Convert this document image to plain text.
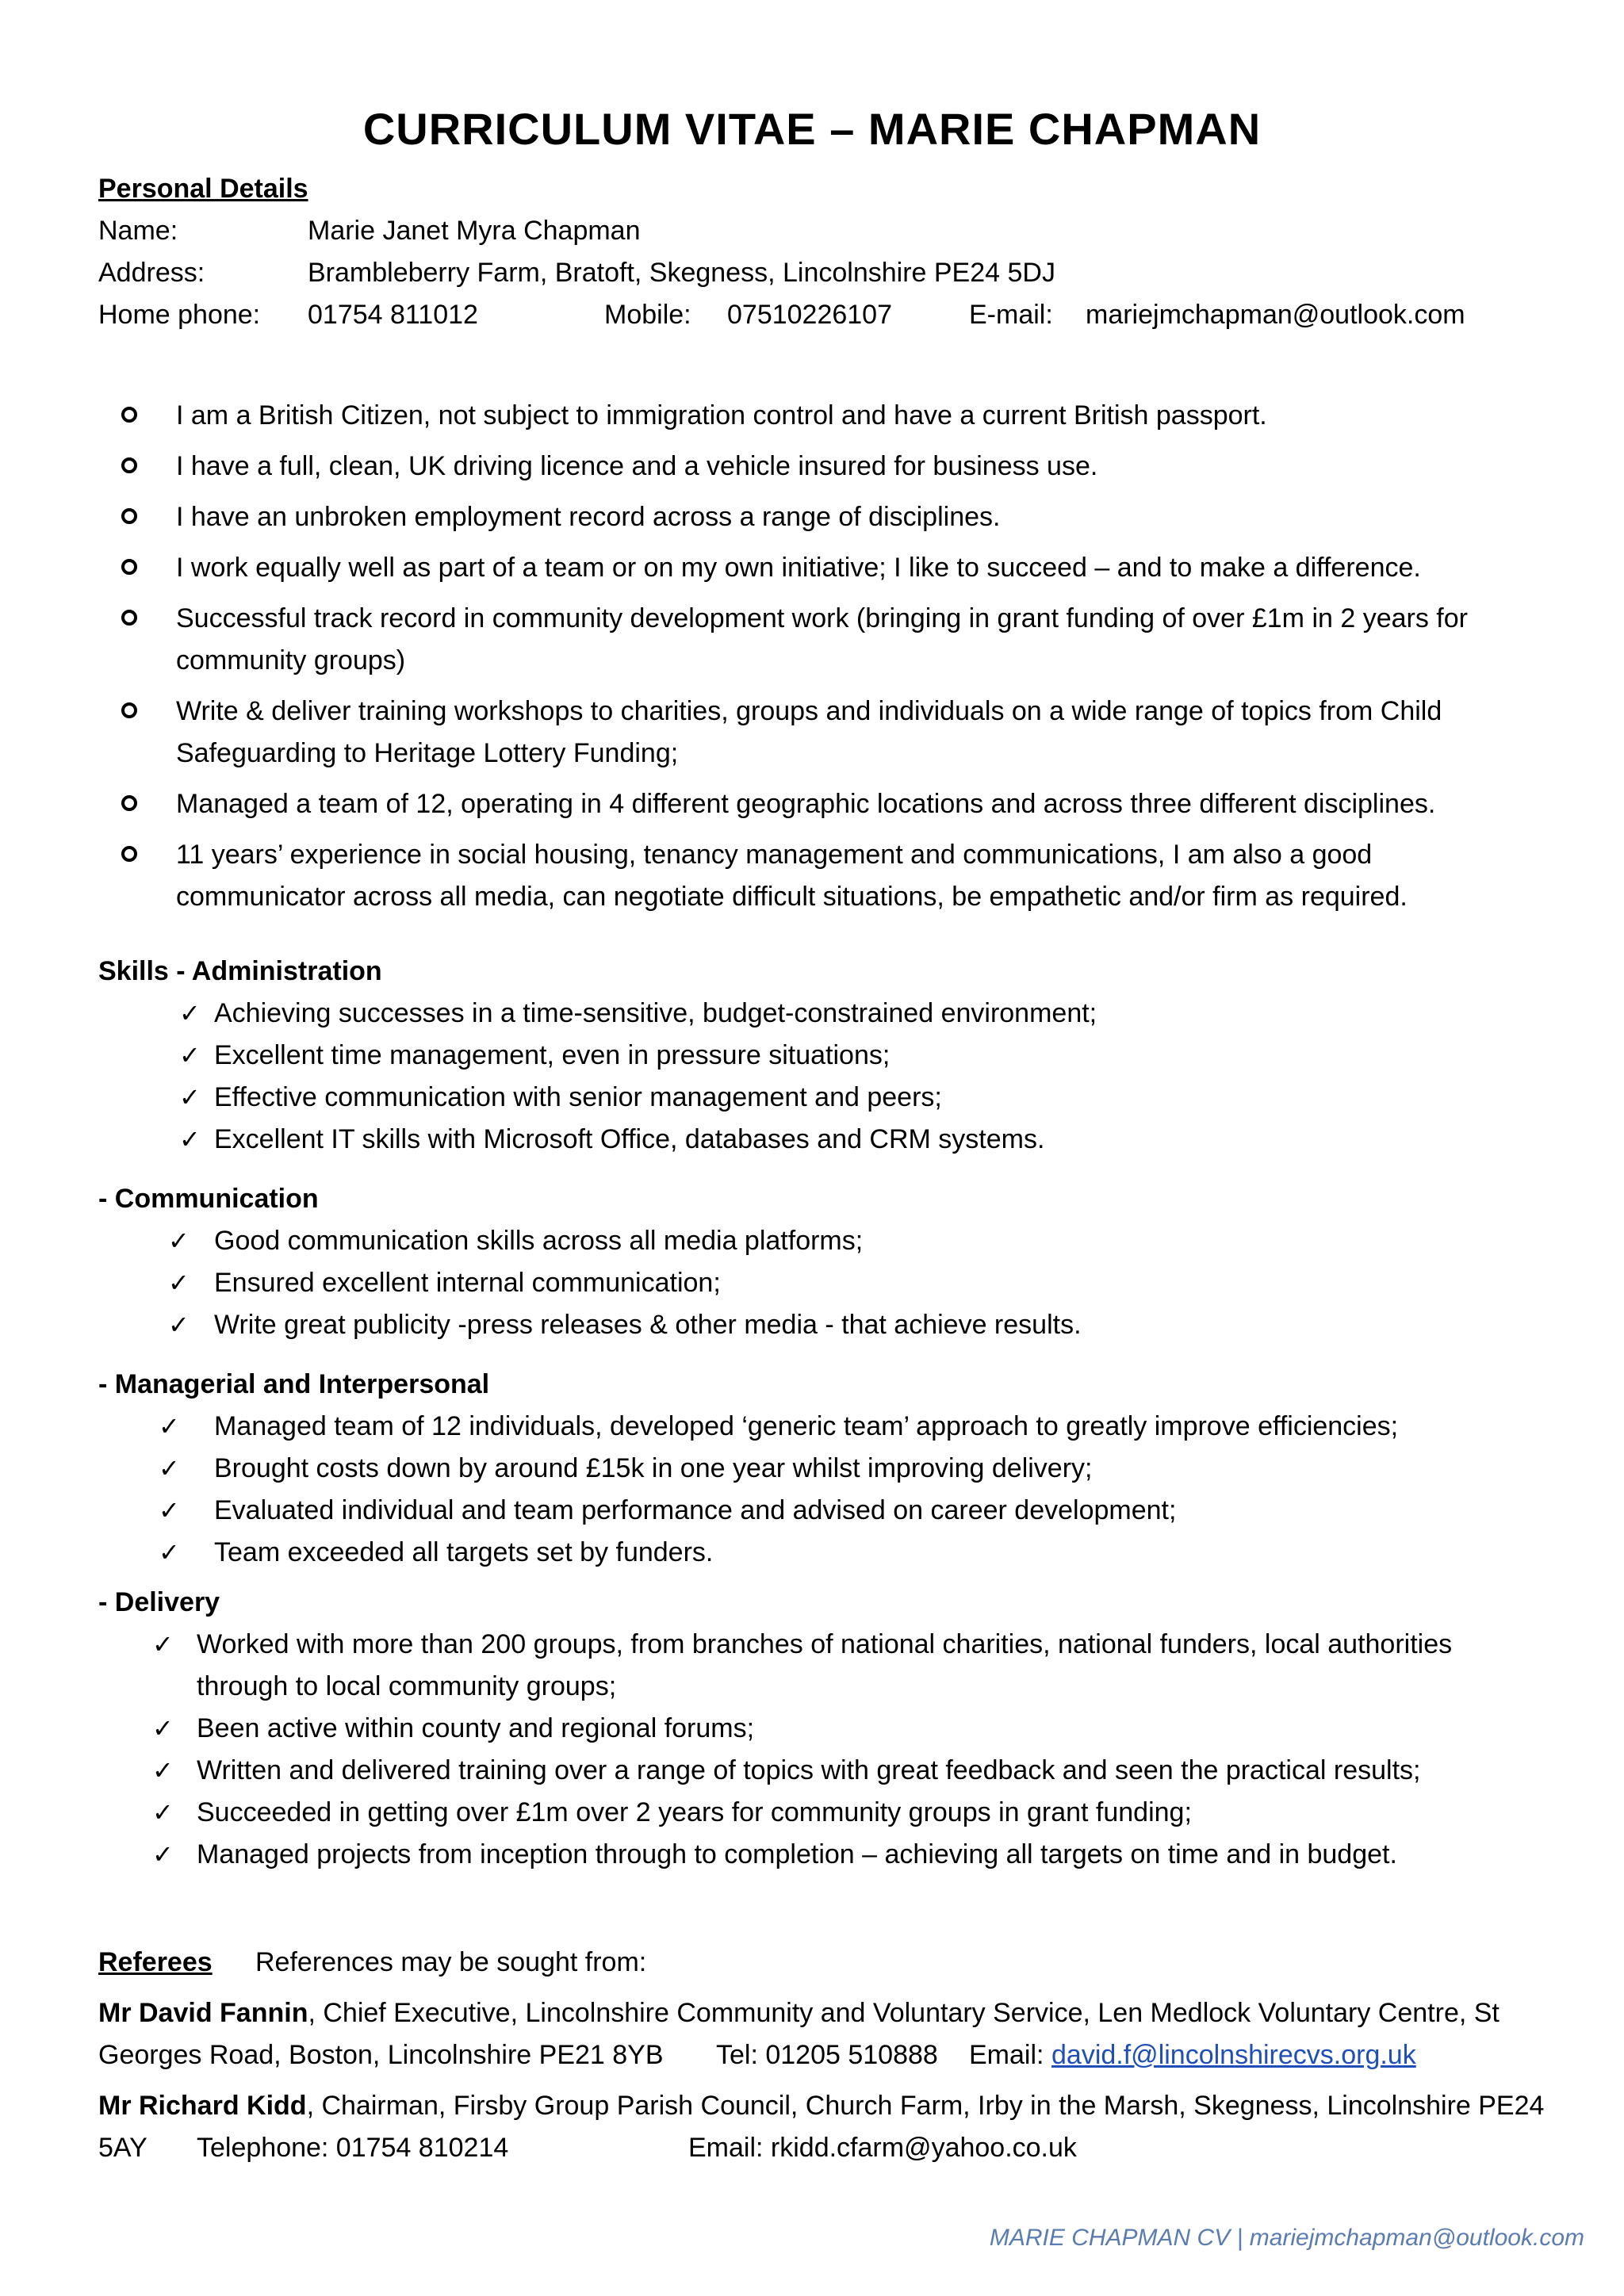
CURRICULUM VITAE – MARIE CHAPMAN
Personal Details
Name:	Marie Janet Myra Chapman
Address:	Brambleberry Farm, Bratoft, Skegness, Lincolnshire PE24 5DJ
Home phone: 01754 811012	Mobile: 07510226107	E-mail: mariejmchapman@outlook.com
I am a British Citizen, not subject to immigration control and have a current British passport.
I have a full, clean, UK driving licence and a vehicle insured for business use.
I have an unbroken employment record across a range of disciplines.
I work equally well as part of a team or on my own initiative; I like to succeed – and to make a difference.
Successful track record in community development work (bringing in grant funding of over £1m in 2 years for
community groups)
Write & deliver training workshops to charities, groups and individuals on a wide range of topics from Child
Safeguarding to Heritage Lottery Funding;
Managed a team of 12, operating in 4 different geographic locations and across three different disciplines.
11 years’ experience in social housing, tenancy management and communications, I am also a good
communicator across all media, can negotiate difficult situations, be empathetic and/or firm as required.
Skills - Administration
✓ Achieving successes in a time-sensitive, budget-constrained environment;
✓ Excellent time management, even in pressure situations;
✓ Effective communication with senior management and peers;
✓ Excellent IT skills with Microsoft Office, databases and CRM systems.
- Communication
✓ Good communication skills across all media platforms;
✓ Ensured excellent internal communication;
✓ Write great publicity -press releases & other media - that achieve results.
- Managerial and Interpersonal
✓ Managed team of 12 individuals, developed ‘generic team’ approach to greatly improve efficiencies;
✓ Brought costs down by around £15k in one year whilst improving delivery;
✓ Evaluated individual and team performance and advised on career development;
✓ Team exceeded all targets set by funders.
- Delivery
✓ Worked with more than 200 groups, from branches of national charities, national funders, local authorities
through to local community groups;
✓ Been active within county and regional forums;
✓ Written and delivered training over a range of topics with great feedback and seen the practical results;
✓ Succeeded in getting over £1m over 2 years for community groups in grant funding;
✓ Managed projects from inception through to completion – achieving all targets on time and in budget.
Referees References may be sought from:
Mr David Fannin, Chief Executive, Lincolnshire Community and Voluntary Service, Len Medlock Voluntary Centre, St
Georges Road, Boston, Lincolnshire PE21 8YB Tel: 01205 510888 Email: david.f@lincolnshirecvs.org.uk
Mr Richard Kidd, Chairman, Firsby Group Parish Council, Church Farm, Irby in the Marsh, Skegness, Lincolnshire PE24
5AY Telephone: 01754 810214	Email: rkidd.cfarm@yahoo.co.uk
MARIE CHAPMAN CV | mariejmchapman@outlook.com
